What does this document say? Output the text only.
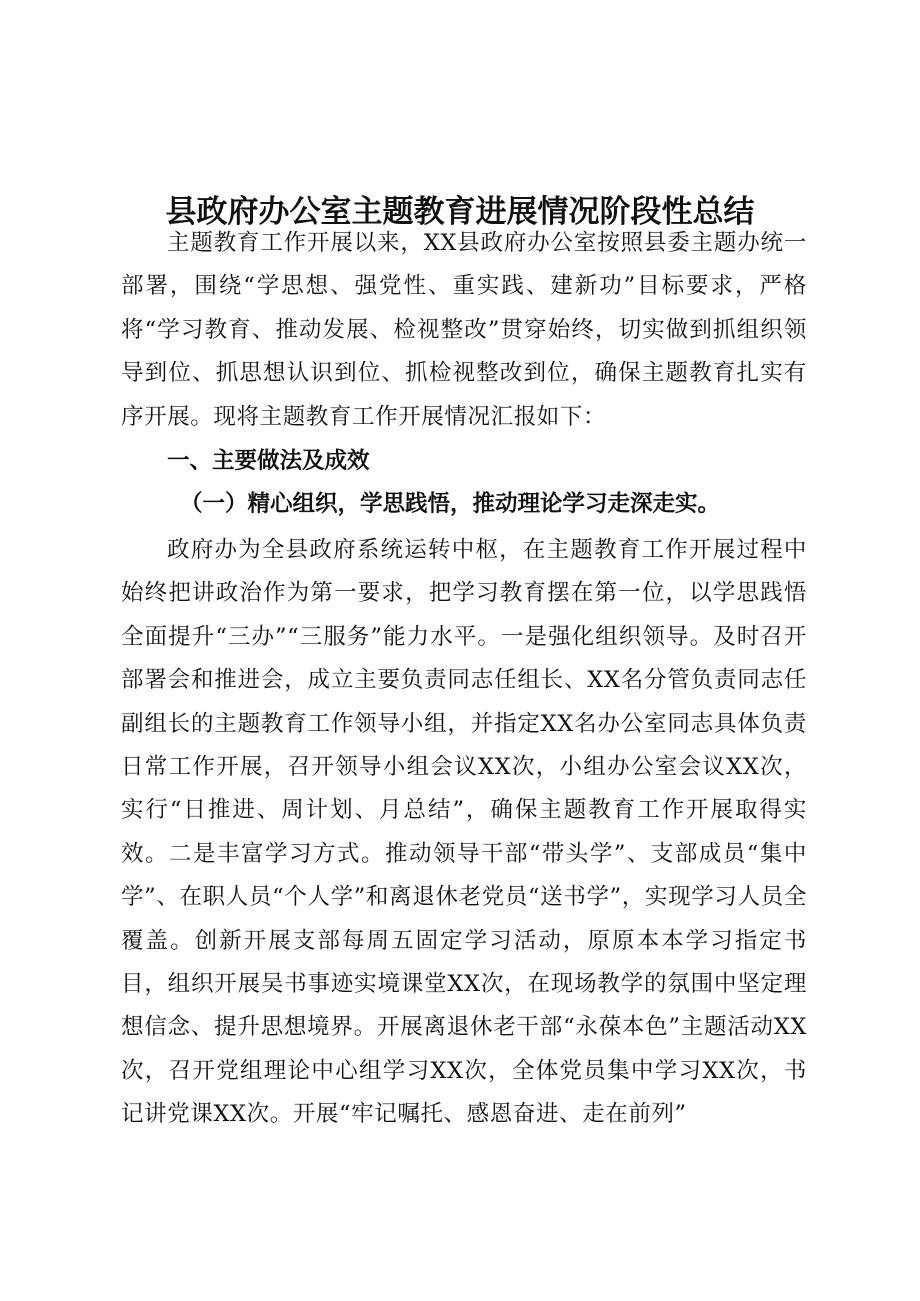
县政府办公室主题教育进展情况阶段性总结

主题教育工作开展以来，XX县政府办公室按照县委主题办统一部署，围绕“学思想、强党性、重实践、建新功”目标要求，严格将“学习教育、推动发展、检视整改”贯穿始终，切实做到抓组织领导到位、抓思想认识到位、抓检视整改到位，确保主题教育扎实有序开展。现将主题教育工作开展情况汇报如下：

一、主要做法及成效
（一）精心组织，学思践悟，推动理论学习走深走实。

政府办为全县政府系统运转中枢，在主题教育工作开展过程中始终把讲政治作为第一要求，把学习教育摆在第一位，以学思践悟全面提升“三办”“三服务”能力水平。一是强化组织领导。及时召开部署会和推进会，成立主要负责同志任组长、XX名分管负责同志任副组长的主题教育工作领导小组，并指定XX名办公室同志具体负责日常工作开展，召开领导小组会议XX次，小组办公室会议XX次，实行“日推进、周计划、月总结”，确保主题教育工作开展取得实效。二是丰富学习方式。推动领导干部“带头学”、支部成员“集中学”、在职人员“个人学”和离退休老党员“送书学”，实现学习人员全覆盖。创新开展支部每周五固定学习活动，原原本本学习指定书目，组织开展吴书事迹实境课堂XX次，在现场教学的氛围中坚定理想信念、提升思想境界。开展离退休老干部“永葆本色”主题活动XX次，召开党组理论中心组学习XX次，全体党员集中学习XX次，书记讲党课XX次。开展“牢记嘱托、感恩奋进、走在前列”
